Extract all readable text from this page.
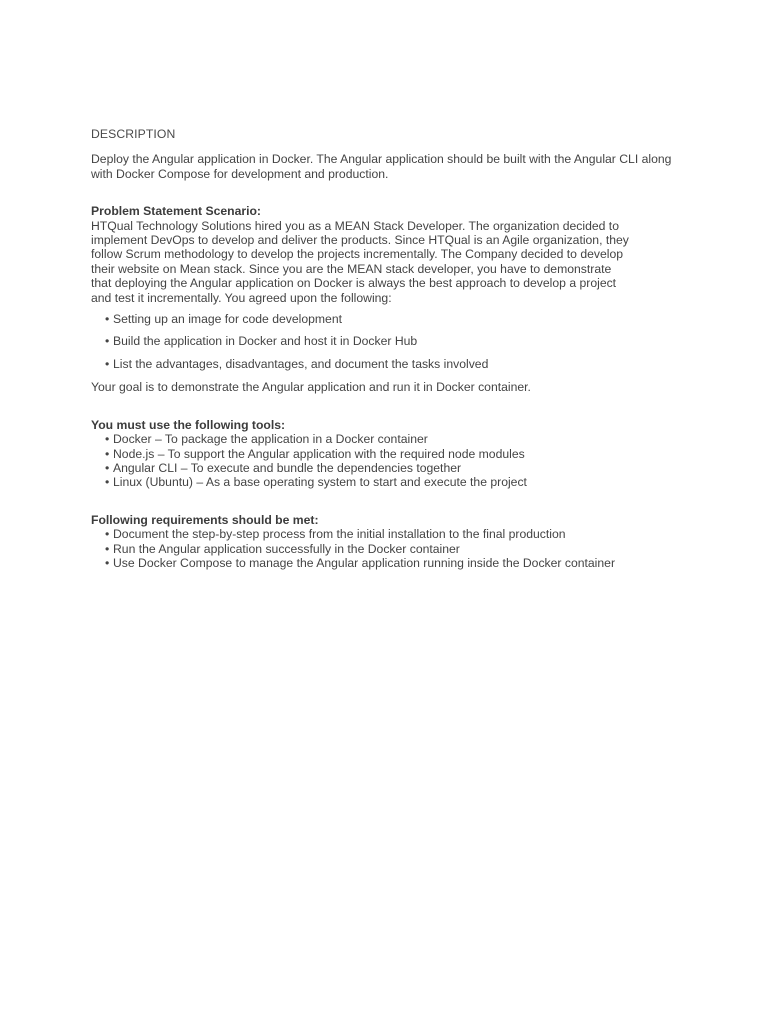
DESCRIPTION

Deploy the Angular application in Docker. The Angular application should be built with the Angular CLI along with Docker Compose for development and production.

Problem Statement Scenario:
HTQual Technology Solutions hired you as a MEAN Stack Developer. The organization decided to
implement DevOps to develop and deliver the products. Since HTQual is an Agile organization, they
follow Scrum methodology to develop the projects incrementally. The Company decided to develop
their website on Mean stack. Since you are the MEAN stack developer, you have to demonstrate
that deploying the Angular application on Docker is always the best approach to develop a project
and test it incrementally. You agreed upon the following:
• Setting up an image for code development
• Build the application in Docker and host it in Docker Hub
• List the advantages, disadvantages, and document the tasks involved

Your goal is to demonstrate the Angular application and run it in Docker container.

You must use the following tools:
• Docker – To package the application in a Docker container
• Node.js – To support the Angular application with the required node modules
• Angular CLI – To execute and bundle the dependencies together
• Linux (Ubuntu) – As a base operating system to start and execute the project
Following requirements should be met:
• Document the step-by-step process from the initial installation to the final production
• Run the Angular application successfully in the Docker container
• Use Docker Compose to manage the Angular application running inside the Docker container
